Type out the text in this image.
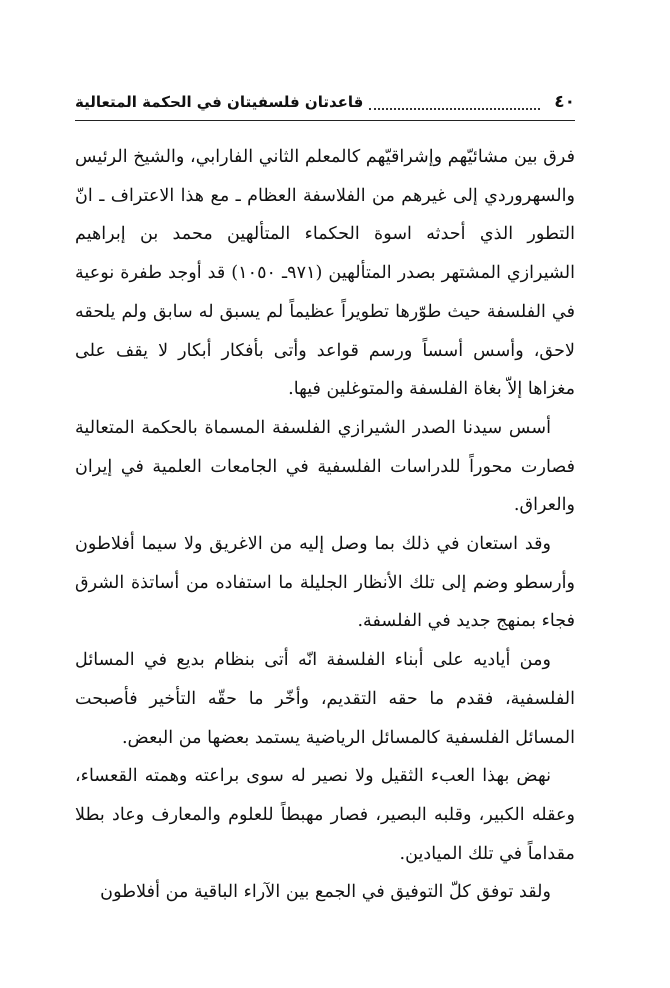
٤٠
قاعدتان فلسفيتان في الحكمة المتعالية

فرق بين مشائيّهم وإشراقيّهم كالمعلم الثاني الفارابي، والشيخ الرئيس والسهروردي إلى غيرهم من الفلاسفة العظام ـ مع هذا الاعتراف ـ انّ التطور الذي أحدثه اسوة الحكماء المتألهين محمد بن إبراهيم الشيرازي المشتهر بصدر المتألهين (٩٧١ـ ١٠٥٠) قد أوجد طفرة نوعية في الفلسفة حيث طوّرها تطويراً عظيماً لم يسبق له سابق ولم يلحقه لاحق، وأسس أسساً ورسم قواعد وأتى بأفكار أبكار لا يقف على مغزاها إلاّ بغاة الفلسفة والمتوغلين فيها.

أسس سيدنا الصدر الشيرازي الفلسفة المسماة بالحكمة المتعالية فصارت محوراً للدراسات الفلسفية في الجامعات العلمية في إيران والعراق.

وقد استعان في ذلك بما وصل إليه من الاغريق ولا سيما أفلاطون وأرسطو وضم إلى تلك الأنظار الجليلة ما استفاده من أساتذة الشرق فجاء بمنهج جديد في الفلسفة.

ومن أياديه على أبناء الفلسفة انّه أتى بنظام بديع في المسائل الفلسفية، فقدم ما حقه التقديم، وأخّر ما حقّه التأخير فأصبحت المسائل الفلسفية كالمسائل الرياضية يستمد بعضها من البعض.

نهض بهذا العبء الثقيل ولا نصير له سوى براعته وهمته القعساء، وعقله الكبير، وقلبه البصير، فصار مهبطاً للعلوم والمعارف وعاد بطلا مقداماً في تلك الميادين.

ولقد توفق كلّ التوفيق في الجمع بين الآراء الباقية من أفلاطون
